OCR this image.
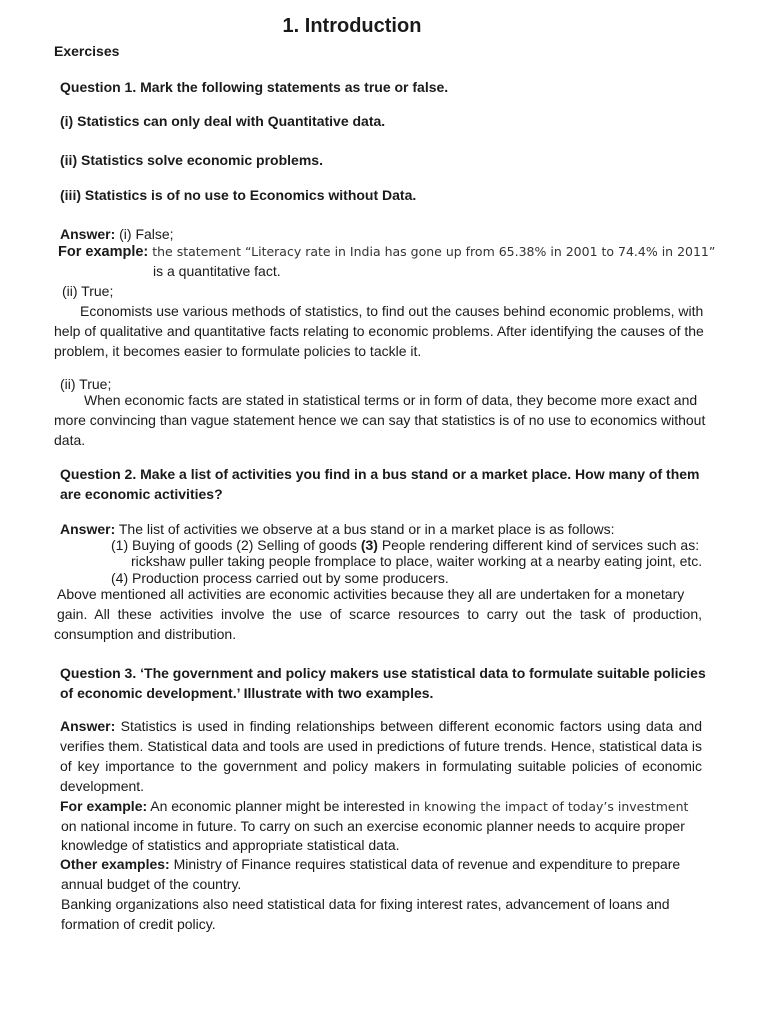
1. Introduction
Exercises
Question 1. Mark the following statements as true or false.
(i) Statistics can only deal with Quantitative data.
(ii) Statistics solve economic problems.
(iii) Statistics is of no use to Economics without Data.
Answer: (i) False;
For example: the statement “Literacy rate in India has gone up from 65.38% in 2001 to 74.4% in 2011”
is a quantitative fact.
(ii) True;
Economists use various methods of statistics, to find out the causes behind economic problems, with
help of qualitative and quantitative facts relating to economic problems. After identifying the causes of the
problem, it becomes easier to formulate policies to tackle it.
(ii) True;
When economic facts are stated in statistical terms or in form of data, they become more exact and
more convincing than vague statement hence we can say that statistics is of no use to economics without
data.
Question 2. Make a list of activities you find in a bus stand or a market place. How many of them
are economic activities?
Answer: The list of activities we observe at a bus stand or in a market place is as follows:
(1) Buying of goods (2) Selling of goods (3) People rendering different kind of services such as:
rickshaw puller taking people fromplace to place, waiter working at a nearby eating joint, etc.
(4) Production process carried out by some producers.
Above mentioned all activities are economic activities because they all are undertaken for a monetary
gain. All these activities involve the use of scarce resources to carry out the task of production,
consumption and distribution.
Question 3. ‘The government and policy makers use statistical data to formulate suitable policies
of economic development.’ Illustrate with two examples.
Answer: Statistics is used in finding relationships between different economic factors using data and
verifies them. Statistical data and tools are used in predictions of future trends. Hence, statistical data is
of key importance to the government and policy makers in formulating suitable policies of economic
development.
For example: An economic planner might be interested in knowing the impact of today’s investment
on national income in future. To carry on such an exercise economic planner needs to acquire proper
knowledge of statistics and appropriate statistical data.
Other examples: Ministry of Finance requires statistical data of revenue and expenditure to prepare
annual budget of the country.
Banking organizations also need statistical data for fixing interest rates, advancement of loans and
formation of credit policy.
